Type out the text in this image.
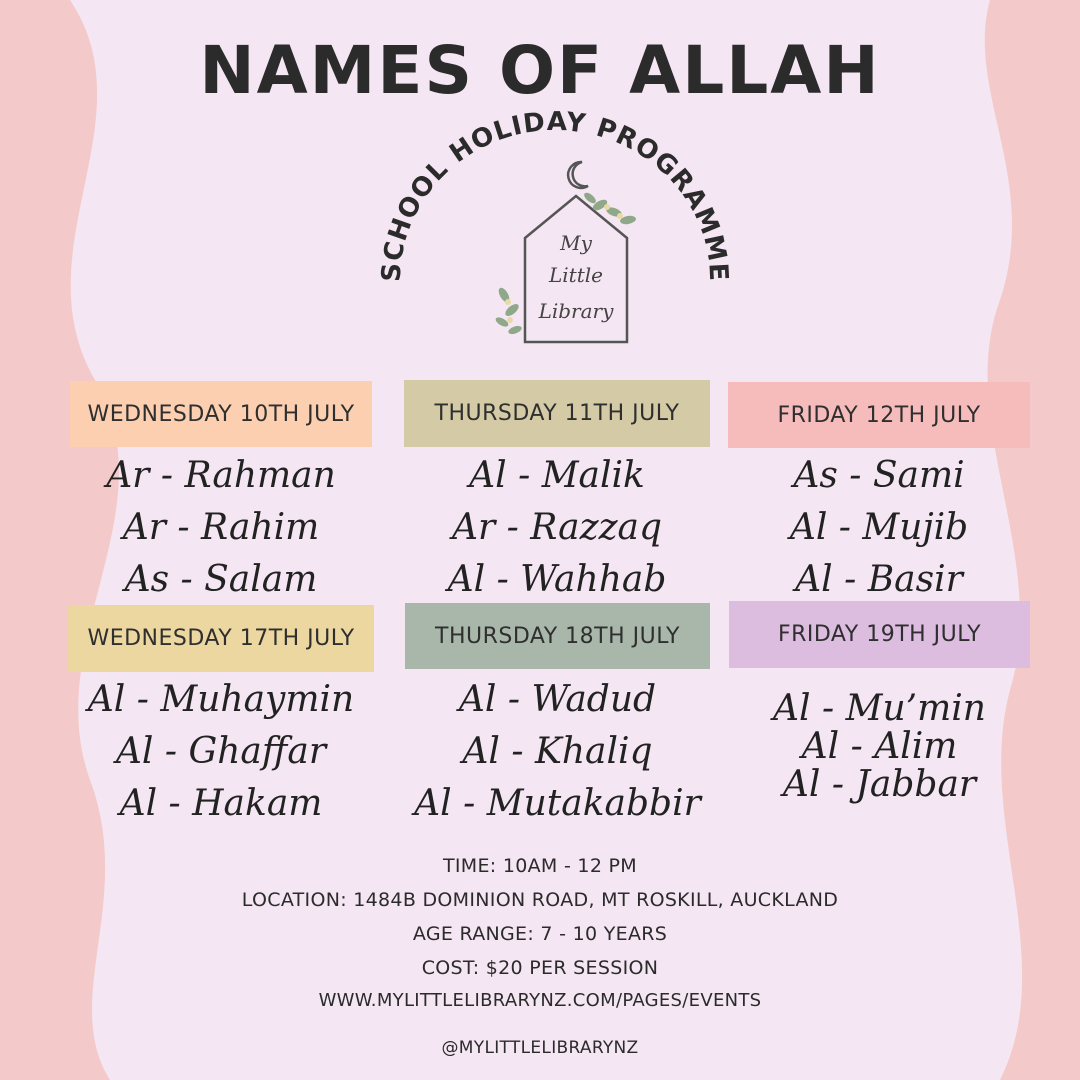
NAMES OF ALLAH
SCHOOL HOLIDAY PROGRAMME
My
Little
Library
WEDNESDAY 10TH JULY
Ar - Rahman
Ar - Rahim
As - Salam
THURSDAY 11TH JULY
Al - Malik
Ar - Razzaq
Al - Wahhab
FRIDAY 12TH JULY
As - Sami
Al - Mujib
Al - Basir
WEDNESDAY 17TH JULY
Al - Muhaymin
Al - Ghaffar
Al - Hakam
THURSDAY 18TH JULY
Al - Wadud
Al - Khaliq
Al - Mutakabbir
FRIDAY 19TH JULY
Al - Mu’min
Al - Alim
Al - Jabbar
TIME: 10AM - 12 PM
LOCATION: 1484B DOMINION ROAD, MT ROSKILL, AUCKLAND
AGE RANGE: 7 - 10 YEARS
COST: $20 PER SESSION
WWW.MYLITTLELIBRARYNZ.COM/PAGES/EVENTS
@MYLITTLELIBRARYNZ
